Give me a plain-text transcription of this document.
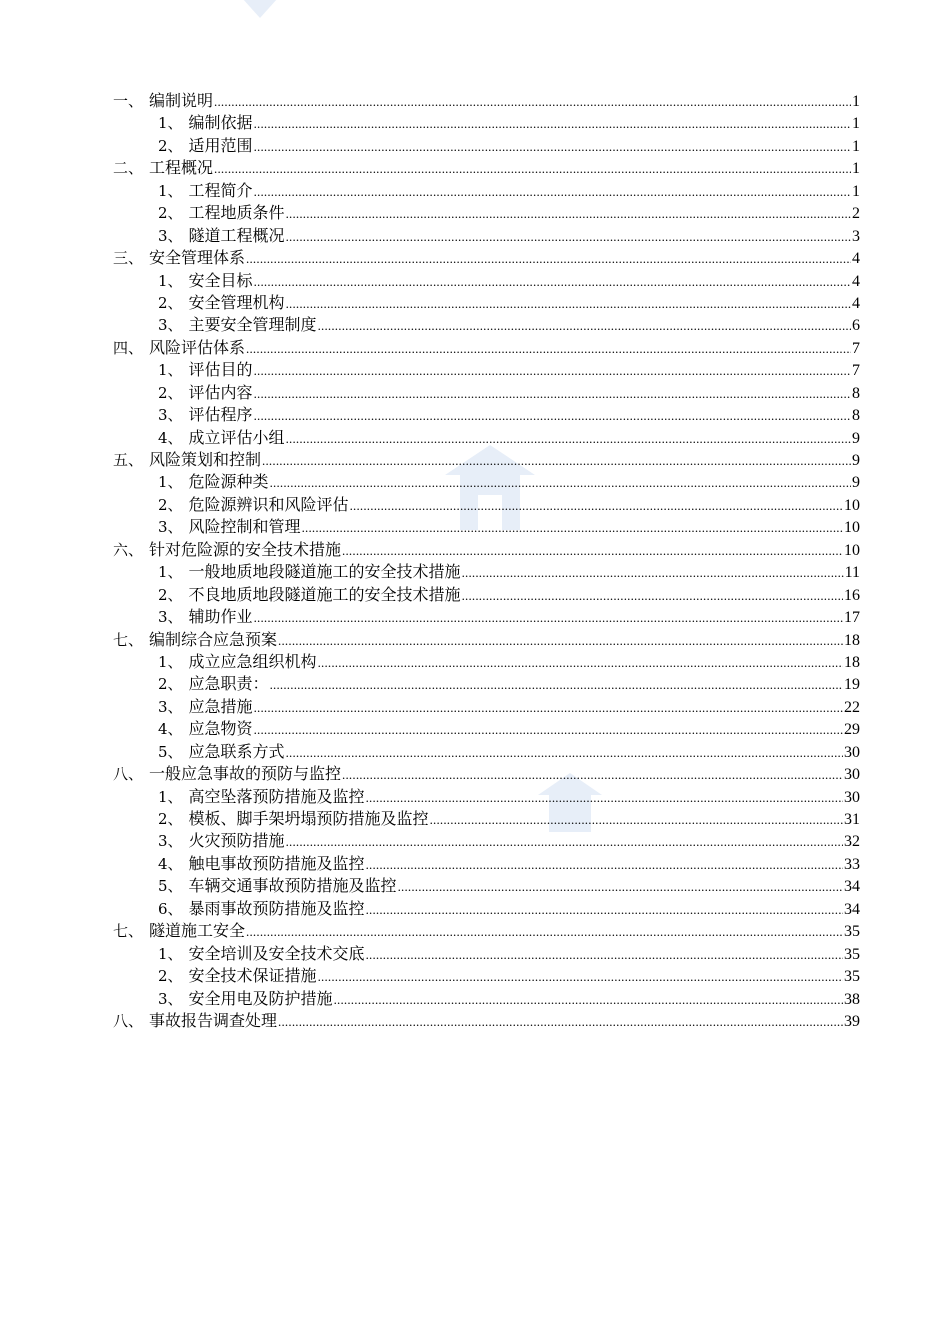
一、 编制说明 .....	1
1、 编制依据 .....	1
2、 适用范围 .....	1
二、 工程概况 .....	1
1、 工程简介 .....	1
2、 工程地质条件 .....	2
3、 隧道工程概况 .....	3
三、 安全管理体系 .....	4
1、 安全目标 .....	4
2、 安全管理机构 .....	4
3、 主要安全管理制度 .....	6
四、 风险评估体系 .....	7
1、 评估目的 .....	7
2、 评估内容 .....	8
3、 评估程序 .....	8
4、 成立评估小组 .....	9
五、 风险策划和控制 .....	9
1、 危险源种类 .....	9
2、 危险源辨识和风险评估 .....	10
3、 风险控制和管理 .....	10
六、 针对危险源的安全技术措施 .....	10
1、 一般地质地段隧道施工的安全技术措施 .....	11
2、 不良地质地段隧道施工的安全技术措施 .....	16
3、 辅助作业 .....	17
七、 编制综合应急预案 .....	18
1、 成立应急组织机构 .....	18
2、 应急职责： .....	19
3、 应急措施 .....	22
4、 应急物资 .....	29
5、 应急联系方式 .....	30
八、 一般应急事故的预防与监控 .....	30
1、 高空坠落预防措施及监控 .....	30
2、 模板、脚手架坍塌预防措施及监控 .....	31
3、 火灾预防措施 .....	32
4、 触电事故预防措施及监控 .....	33
5、 车辆交通事故预防措施及监控 .....	34
6、 暴雨事故预防措施及监控 .....	34
七、 隧道施工安全 .....	35
1、 安全培训及安全技术交底 .....	35
2、 安全技术保证措施 .....	35
3、 安全用电及防护措施 .....	38
八、 事故报告调查处理 .....	39
